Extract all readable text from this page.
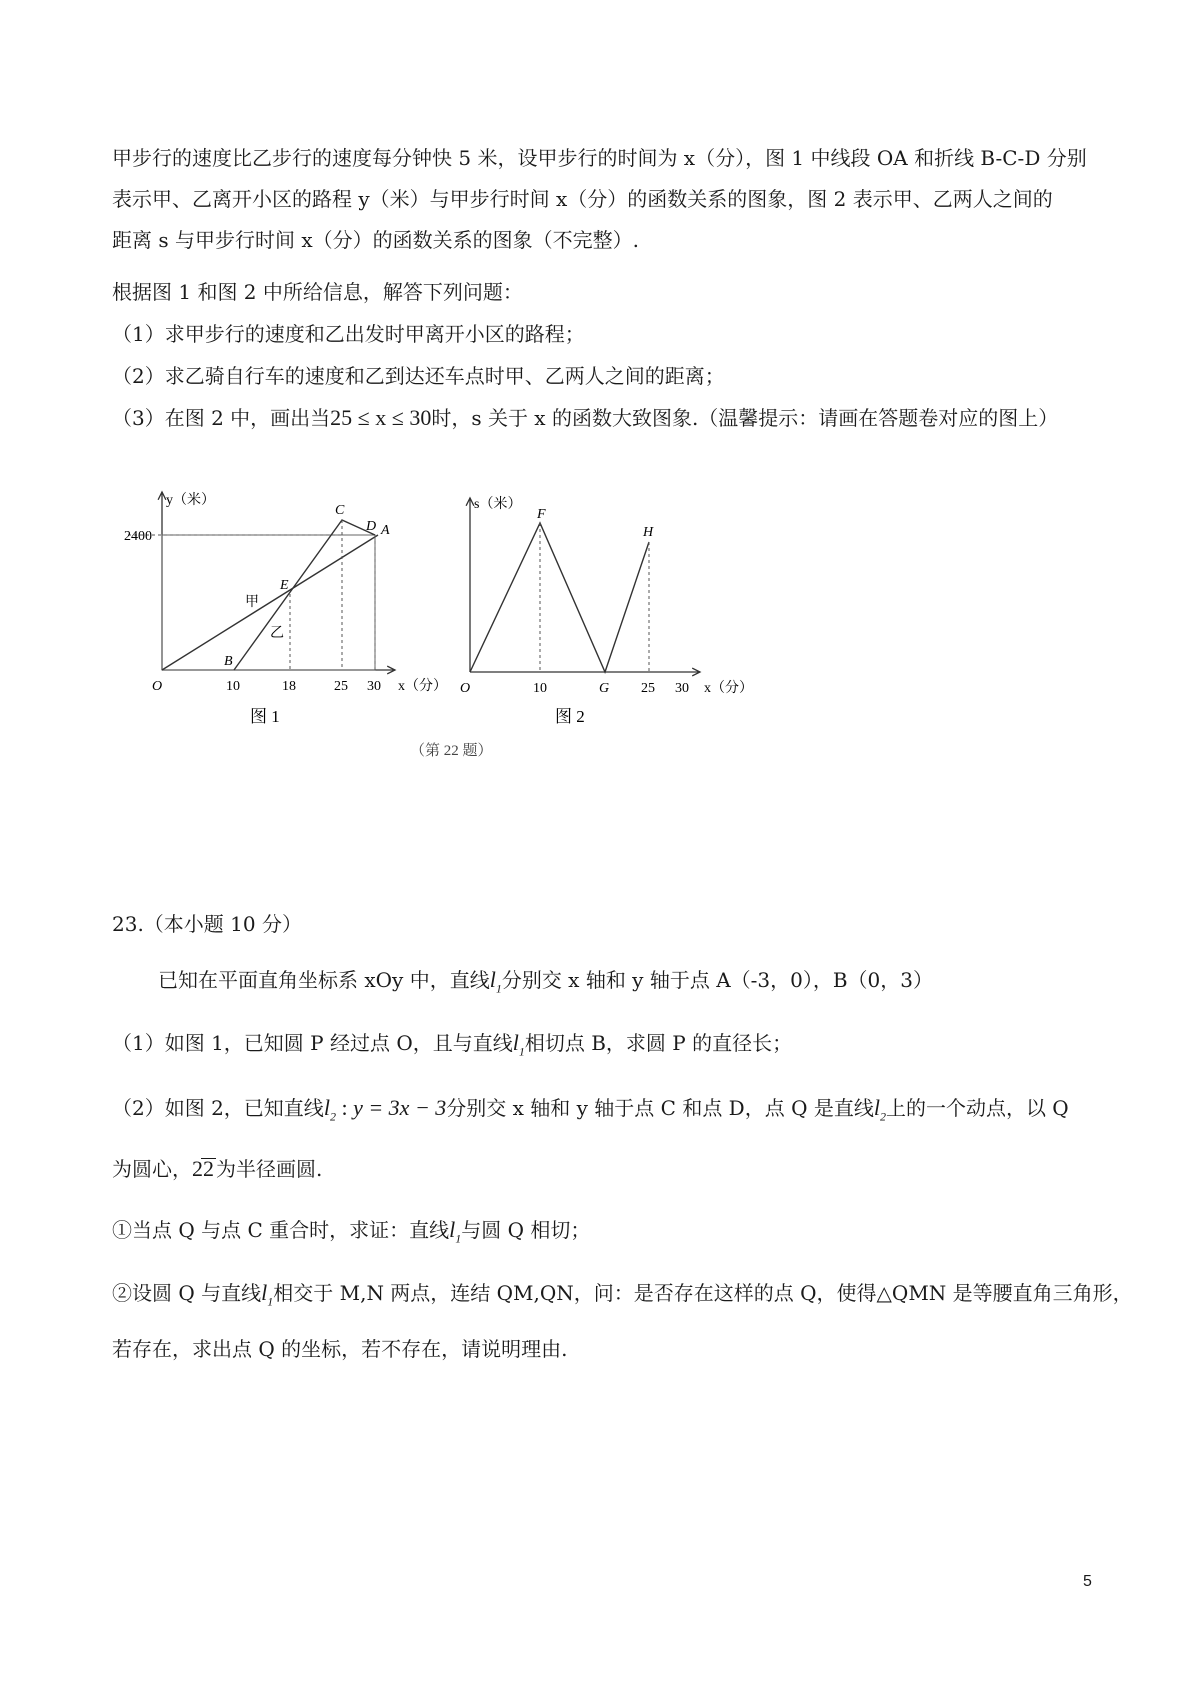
甲步行的速度比乙步行的速度每分钟快 5 米，设甲步行的时间为 x（分），图 1 中线段 OA 和折线 B-C-D 分别
表示甲、乙离开小区的路程 y（米）与甲步行时间 x（分）的函数关系的图象，图 2 表示甲、乙两人之间的
距离 s 与甲步行时间 x（分）的函数关系的图象（不完整）.
根据图 1 和图 2 中所给信息，解答下列问题：
（1）求甲步行的速度和乙出发时甲离开小区的路程；
（2）求乙骑自行车的速度和乙到达还车点时甲、乙两人之间的距离；
（3）在图 2 中，画出当25 ≤ x ≤ 30时，s 关于 x 的函数大致图象.（温馨提示：请画在答题卷对应的图上）
y（米）
x（分）
2400
10	18	25 30
O
B
C
D A
E
甲
乙
图 1
s（米）
x（分）
10	25 30
O
F
G
H
图 2
（第 22 题）
23.（本小题 10 分）
已知在平面直角坐标系 xOy 中，直线$l_1$分别交 x 轴和 y 轴于点 A（-3，0），B（0，3）
（1）如图 1，已知圆 P 经过点 O，且与直线$l_1$相切点 B，求圆 P 的直径长；
（2）如图 2，已知直线$l_2$ : y = 3x − 3分别交 x 轴和 y 轴于点 C 和点 D，点 Q 是直线$l_2$上的一个动点，以 Q
为圆心，22 为半径画圆.
①当点 Q 与点 C 重合时，求证：直线$l_1$与圆 Q 相切；
②设圆 Q 与直线$l_1$相交于 M,N 两点，连结 QM,QN，问：是否存在这样的点 Q，使得△QMN 是等腰直角三角形，
若存在，求出点 Q 的坐标，若不存在，请说明理由.
5
